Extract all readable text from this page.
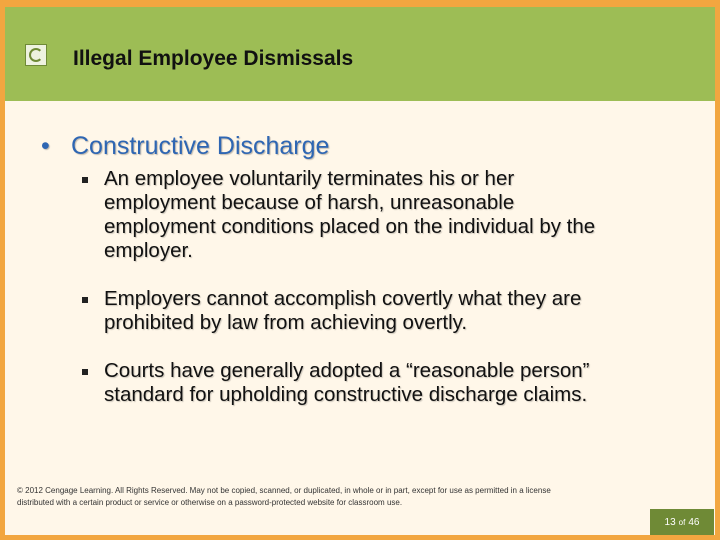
Illegal Employee Dismissals
• Constructive Discharge
An employee voluntarily terminates his or her employment because of harsh, unreasonable employment conditions placed on the individual by the employer.
Employers cannot accomplish covertly what they are prohibited by law from achieving overtly.
Courts have generally adopted a “reasonable person” standard for upholding constructive discharge claims.
© 2012 Cengage Learning. All Rights Reserved. May not be copied, scanned, or duplicated, in whole or in part, except for use as permitted in a license distributed with a certain product or service or otherwise on a password-protected website for classroom use.
13 of 46
